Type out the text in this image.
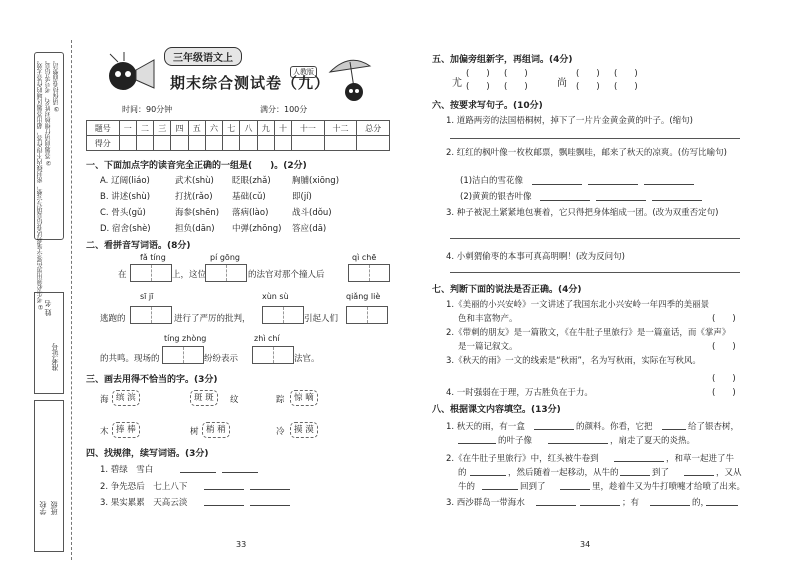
①考生必须用黑色签字笔将试卷信息填写完整，密封线内不得作答，超出答题区域的作答无效。 ②答题前请仔细核对姓名、考号等信息。 ③请保持卷面整洁。
姓 名
准考证号
学校 班级
三年级语文上
人教版
期末综合测试卷（九）
时间：90分钟	满分：100分
题号	一	二	三	四	五	六	七	八	九	十	十一	十二	总分
得分													
一、下面加点字的读音完全正确的一组是(　　)。(2分)
A. 辽阔(liáo)	武术(shù) 眨眼(zhǎ)	胸脯(xiōng)
B. 讲述(shù)	打扰(rǎo) 基础(cǔ)	即(jí)
C. 骨头(gǔ)	海参(shēn) 落病(lào)	战斗(dǒu)
D. 宿舍(shè)	担负(dān) 中弹(zhōng) 答应(dā)
二、看拼音写词语。(8分)
fǎ tíng	pí gōng	qì chē
在	上，这位	的法官对那个撞人后
sī jī	xùn sù	qiǎng liè
逃跑的	进行了严厉的批判，	引起人们
tíng zhòng	zhì chí
的共鸣。现场的	纷纷表示	法官。
三、画去用得不恰当的字。(3分)
海 缤 滨	斑 斑	纹	踪	惊 嘀
木 捧 棒	树 梢 稍	冷	摸 漠
四、找规律，续写词语。(3分)
1. 碧绿　雪白
2. 争先恐后　七上八下
3. 果实累累　天高云淡
33
五、加偏旁组新字，再组词。(4分)
尤
(　　) (　　)
(　　) (　　)	尚
(　　) (　　)
(　　) (　　)
六、按要求写句子。(10分)
1. 道路两旁的法国梧桐树，掉下了一片片金黄金黄的叶子。(缩句)
2. 红红的枫叶像一枚枚邮票，飘哇飘哇，邮来了秋天的凉爽。(仿写比喻句)
(1)洁白的雪花像
(2)黄黄的银杏叶像
3. 种子被泥土紧紧地包裹着，它只得把身体缩成一团。(改为双重否定句)
4. 小刺猬偷枣的本事可真高明啊！(改为反问句)
七、判断下面的说法是否正确。(4分)
1.《美丽的小兴安岭》一文讲述了我国东北小兴安岭一年四季的美丽景
色和丰富物产。	(　　)
2.《带刺的朋友》是一篇散文，《在牛肚子里旅行》是一篇童话，而《掌声》
是一篇记叙文。	(　　)
3.《秋天的雨》一文的线索是“秋雨”，名为写秋雨，实际在写秋风。
(　　)
4. 一时强弱在于理，万古胜负在于力。	(　　)
八、根据课文内容填空。(13分)
1. 秋天的雨，有一盒	的颜料。你看，它把	给了银杏树，
的叶子像	，扇走了夏天的炎热。
2.《在牛肚子里旅行》中，红头被牛卷到	，和草一起进了牛
的	，然后随着一起移动，从牛的	到了	，又从
牛的	回到了	里，趁着牛又为牛打喷嚏才给喷了出来。
3. 西沙群岛一带海水	；有	的，
34
